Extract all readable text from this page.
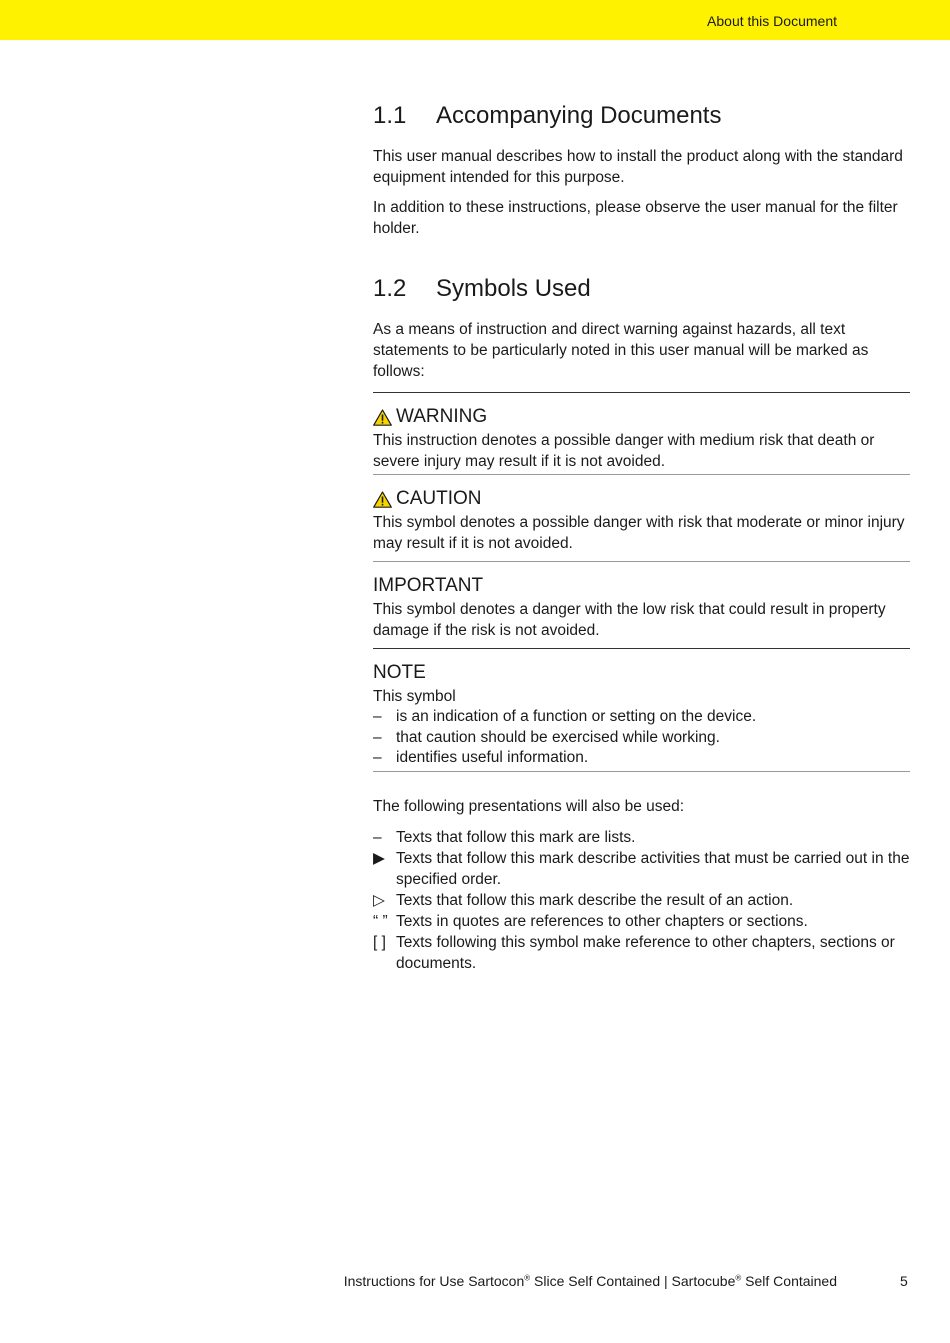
About this Document
1.1	Accompanying Documents

This user manual describes how to install the product along with the standard equipment intended for this purpose.

In addition to these instructions, please observe the user manual for the filter holder.

1.2	Symbols Used

As a means of instruction and direct warning against hazards, all text statements to be particularly noted in this user manual will be marked as follows:

WARNING

This instruction denotes a possible danger with medium risk that death or severe injury may result if it is not avoided.

CAUTION

This symbol denotes a possible danger with risk that moderate or minor injury may result if it is not avoided.

IMPORTANT

This symbol denotes a danger with the low risk that could result in property damage if the risk is not avoided.

NOTE

This symbol

– is an indication of a function or setting on the device.
– that caution should be exercised while working.
– identifies useful information.

The following presentations will also be used:

– Texts that follow this mark are lists.
▶ Texts that follow this mark describe activities that must be carried out in the specified order.
▷ Texts that follow this mark describe the result of an action.
“ ” Texts in quotes are references to other chapters or sections.
[ ] Texts following this symbol make reference to other chapters, sections or documents.
Instructions for Use Sartocon® Slice Self Contained | Sartocube® Self Contained	5
